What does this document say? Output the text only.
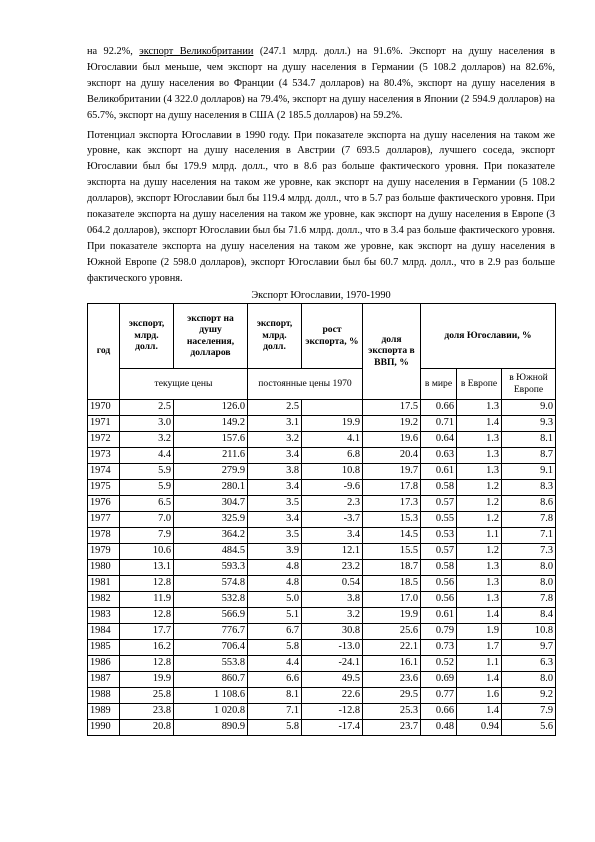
на 92.2%, экспорт Великобритании (247.1 млрд. долл.) на 91.6%. Экспорт на душу населения в Югославии был меньше, чем экспорт на душу населения в Германии (5 108.2 долларов) на 82.6%, экспорт на душу населения во Франции (4 534.7 долларов) на 80.4%, экспорт на душу населения в Великобритании (4 322.0 долларов) на 79.4%, экспорт на душу населения в Японии (2 594.9 долларов) на 65.7%, экспорт на душу населения в США (2 185.5 долларов) на 59.2%.

Потенциал экспорта Югославии в 1990 году. При показателе экспорта на душу населения на таком же уровне, как экспорт на душу населения в Австрии (7 693.5 долларов), лучшего соседа, экспорт Югославии был бы 179.9 млрд. долл., что в 8.6 раз больше фактического уровня. При показателе экспорта на душу населения на таком же уровне, как экспорт на душу населения в Германии (5 108.2 долларов), экспорт Югославии был бы 119.4 млрд. долл., что в 5.7 раз больше фактического уровня. При показателе экспорта на душу населения на таком же уровне, как экспорт на душу населения в Европе (3 064.2 долларов), экспорт Югославии был бы 71.6 млрд. долл., что в 3.4 раз больше фактического уровня. При показателе экспорта на душу населения на таком же уровне, как экспорт на душу населения в Южной Европе (2 598.0 долларов), экспорт Югославии был бы 60.7 млрд. долл., что в 2.9 раз больше фактического уровня.

Экспорт Югославии, 1970-1990
год	экспорт, млрд. долл.	экспорт на душу населения, долларов	экспорт, млрд. долл.	рост экспорта, %	доля экспорта в ВВП, %	доля Югославии, %		
	текущие цены		постоянные цены 1970			в мире	в Европе	в Южной Европе
1970	2.5	126.0	2.5		17.5	0.66	1.3	9.0
1971	3.0	149.2	3.1	19.9	19.2	0.71	1.4	9.3
1972	3.2	157.6	3.2	4.1	19.6	0.64	1.3	8.1
1973	4.4	211.6	3.4	6.8	20.4	0.63	1.3	8.7
1974	5.9	279.9	3.8	10.8	19.7	0.61	1.3	9.1
1975	5.9	280.1	3.4	-9.6	17.8	0.58	1.2	8.3
1976	6.5	304.7	3.5	2.3	17.3	0.57	1.2	8.6
1977	7.0	325.9	3.4	-3.7	15.3	0.55	1.2	7.8
1978	7.9	364.2	3.5	3.4	14.5	0.53	1.1	7.1
1979	10.6	484.5	3.9	12.1	15.5	0.57	1.2	7.3
1980	13.1	593.3	4.8	23.2	18.7	0.58	1.3	8.0
1981	12.8	574.8	4.8	0.54	18.5	0.56	1.3	8.0
1982	11.9	532.8	5.0	3.8	17.0	0.56	1.3	7.8
1983	12.8	566.9	5.1	3.2	19.9	0.61	1.4	8.4
1984	17.7	776.7	6.7	30.8	25.6	0.79	1.9	10.8
1985	16.2	706.4	5.8	-13.0	22.1	0.73	1.7	9.7
1986	12.8	553.8	4.4	-24.1	16.1	0.52	1.1	6.3
1987	19.9	860.7	6.6	49.5	23.6	0.69	1.4	8.0
1988	25.8	1 108.6	8.1	22.6	29.5	0.77	1.6	9.2
1989	23.8	1 020.8	7.1	-12.8	25.3	0.66	1.4	7.9
1990	20.8	890.9	5.8	-17.4	23.7	0.48	0.94	5.6
